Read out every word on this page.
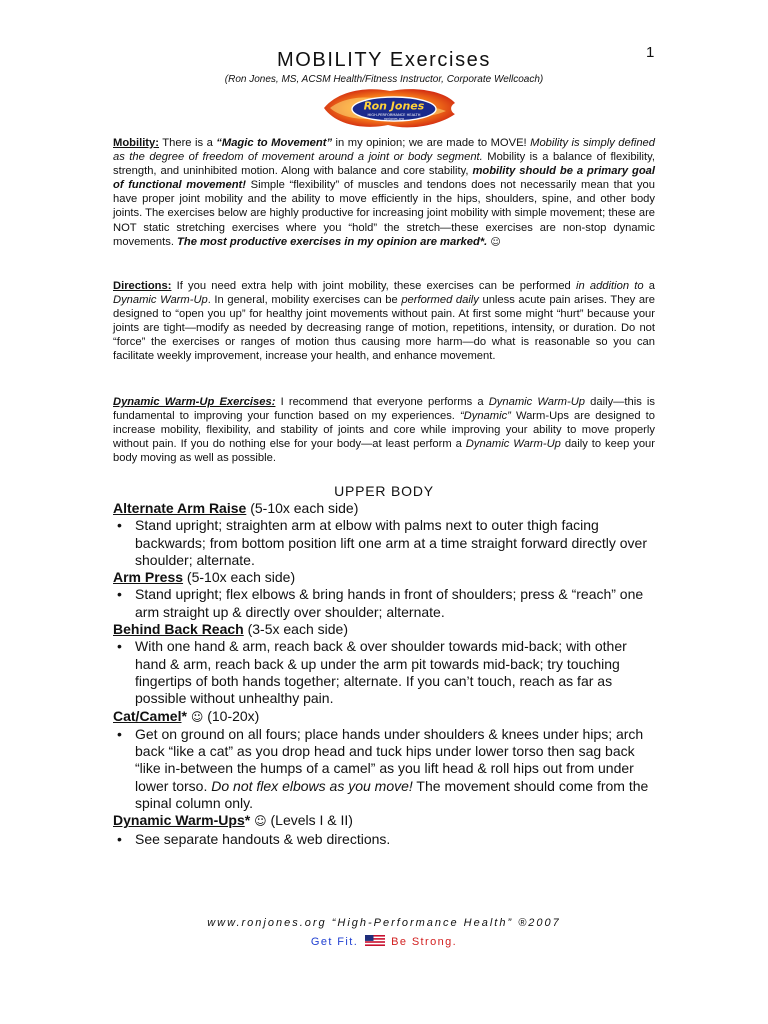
1
MOBILITY Exercises
(Ron Jones, MS, ACSM Health/Fitness Instructor, Corporate Wellcoach)
Ron Jones
HIGH-PERFORMANCE HEALTH
ronjones.org
Mobility: There is a “Magic to Movement” in my opinion; we are made to MOVE! Mobility is simply defined as the degree of freedom of movement around a joint or body segment. Mobility is a balance of flexibility, strength, and uninhibited motion. Along with balance and core stability, mobility should be a primary goal of functional movement! Simple “flexibility” of muscles and tendons does not necessarily mean that you have proper joint mobility and the ability to move efficiently in the hips, shoulders, spine, and other body joints. The exercises below are highly productive for increasing joint mobility with simple movement; these are NOT static stretching exercises where you “hold” the stretch—these exercises are non-stop dynamic movements. The most productive exercises in my opinion are marked*. ☺
Directions: If you need extra help with joint mobility, these exercises can be performed in addition to a Dynamic Warm-Up. In general, mobility exercises can be performed daily unless acute pain arises. They are designed to “open you up” for healthy joint movements without pain. At first some might “hurt” because your joints are tight—modify as needed by decreasing range of motion, repetitions, intensity, or duration. Do not “force” the exercises or ranges of motion thus causing more harm—do what is reasonable so you can facilitate weekly improvement, increase your health, and enhance movement.
Dynamic Warm-Up Exercises: I recommend that everyone performs a Dynamic Warm-Up daily—this is fundamental to improving your function based on my experiences. “Dynamic” Warm-Ups are designed to increase mobility, flexibility, and stability of joints and core while improving your ability to move properly without pain. If you do nothing else for your body—at least perform a Dynamic Warm-Up daily to keep your body moving as well as possible.
UPPER BODY

Alternate Arm Raise (5-10x each side)

• Stand upright; straighten arm at elbow with palms next to outer thigh facing backwards; from bottom position lift one arm at a time straight forward directly over shoulder; alternate.

Arm Press (5-10x each side)

• Stand upright; flex elbows & bring hands in front of shoulders; press & “reach” one arm straight up & directly over shoulder; alternate.

Behind Back Reach (3-5x each side)

• With one hand & arm, reach back & over shoulder towards mid-back; with other hand & arm, reach back & up under the arm pit towards mid-back; try touching fingertips of both hands together; alternate. If you can’t touch, reach as far as possible without unhealthy pain.

Cat/Camel* ☺ (10-20x)

• Get on ground on all fours; place hands under shoulders & knees under hips; arch back “like a cat” as you drop head and tuck hips under lower torso then sag back “like in-between the humps of a camel” as you lift head & roll hips out from under lower torso. Do not flex elbows as you move! The movement should come from the spinal column only.

Dynamic Warm-Ups* ☺ (Levels I & II)

• See separate handouts & web directions.
www.ronjones.org “High-Performance Health” ®2007
Get Fit.	Be Strong.
